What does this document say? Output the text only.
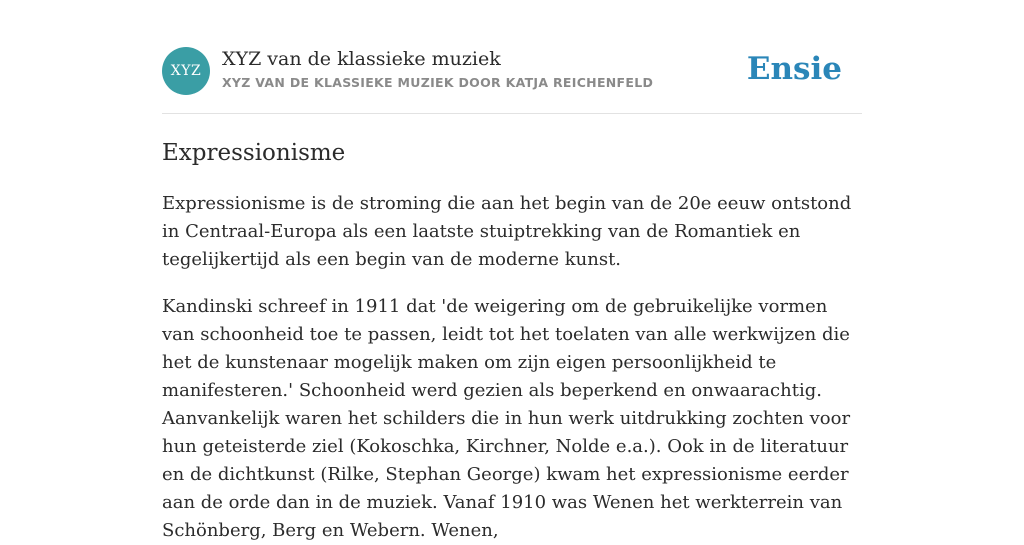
XYZ
XYZ van de klassieke muziek
XYZ VAN DE KLASSIEKE MUZIEK DOOR KATJA REICHENFELD	Ensie
Expressionisme

Expressionisme is de stroming die aan het begin van de 20e eeuw ontstond in Centraal-Europa als een laatste stuiptrekking van de Romantiek en tegelijkertijd als een begin van de moderne kunst.

Kandinski schreef in 1911 dat 'de weigering om de gebruikelijke vormen van schoonheid toe te passen, leidt tot het toelaten van alle werkwijzen die het de kunstenaar mogelijk maken om zijn eigen persoonlijkheid te manifesteren.' Schoonheid werd gezien als beperkend en onwaarachtig. Aanvankelijk waren het schilders die in hun werk uitdrukking zochten voor hun geteisterde ziel (Kokoschka, Kirchner, Nolde e.a.). Ook in de literatuur en de dichtkunst (Rilke, Stephan George) kwam het expressionisme eerder aan de orde dan in de muziek. Vanaf 1910 was Wenen het werkterrein van Schönberg, Berg en Webern. Wenen,
